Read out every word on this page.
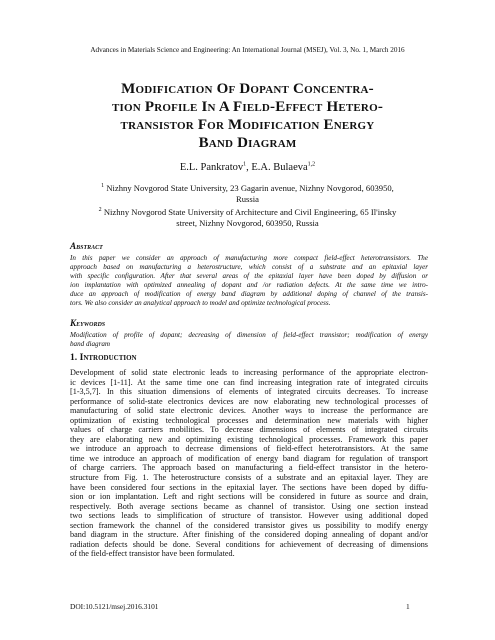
Advances in Materials Science and Engineering: An International Journal (MSEJ), Vol. 3, No. 1, March 2016
Modification Of Dopant Concentra-
tion Profile In A Field-Effect Hetero-
transistor For Modification Energy
Band Diagram
E.L. Pankratov$^1$, E.A. Bulaeva$^{1,2}$
$^1$ Nizhny Novgorod State University, 23 Gagarin avenue, Nizhny Novgorod, 603950,
Russia
$^2$ Nizhny Novgorod State University of Architecture and Civil Engineering, 65 Il'insky
street, Nizhny Novgorod, 603950, Russia
Abstract
In this paper we consider an approach of manufacturing more compact field-effect heterotransistors. The
approach based on manufacturing a heterostructure, which consist of a substrate and an epitaxial layer
with specific configuration. After that several areas of the epitaxial layer have been doped by diffusion or
ion implantation with optimized annealing of dopant and /or radiation defects. At the same time we intro-
duce an approach of modification of energy band diagram by additional doping of channel of the transis-
tors. We also consider an analytical approach to model and optimize technological process.
Keywords
Modification of profile of dopant; decreasing of dimension of field-effect transistor; modification of energy
band diagram
1. Introduction
Development of solid state electronic leads to increasing performance of the appropriate electron-
ic devices [1-11]. At the same time one can find increasing integration rate of integrated circuits
[1-3,5,7]. In this situation dimensions of elements of integrated circuits decreases. To increase
performance of solid-state electronics devices are now elaborating new technological processes of
manufacturing of solid state electronic devices. Another ways to increase the performance are
optimization of existing technological processes and determination new materials with higher
values of charge carriers mobilities. To decrease dimensions of elements of integrated circuits
they are elaborating new and optimizing existing technological processes. Framework this paper
we introduce an approach to decrease dimensions of field-effect heterotransistors. At the same
time we introduce an approach of modification of energy band diagram for regulation of transport
of charge carriers. The approach based on manufacturing a field-effect transistor in the hetero-
structure from Fig. 1. The heterostructure consists of a substrate and an epitaxial layer. They are
have been considered four sections in the epitaxial layer. The sections have been doped by diffu-
sion or ion implantation. Left and right sections will be considered in future as source and drain,
respectively. Both average sections became as channel of transistor. Using one section instead
two sections leads to simplification of structure of transistor. However using additional doped
section framework the channel of the considered transistor gives us possibility to modify energy
band diagram in the structure. After finishing of the considered doping annealing of dopant and/or
radiation defects should be done. Several conditions for achievement of decreasing of dimensions
of the field-effect transistor have been formulated.
DOI:10.5121/msej.2016.3101	1
